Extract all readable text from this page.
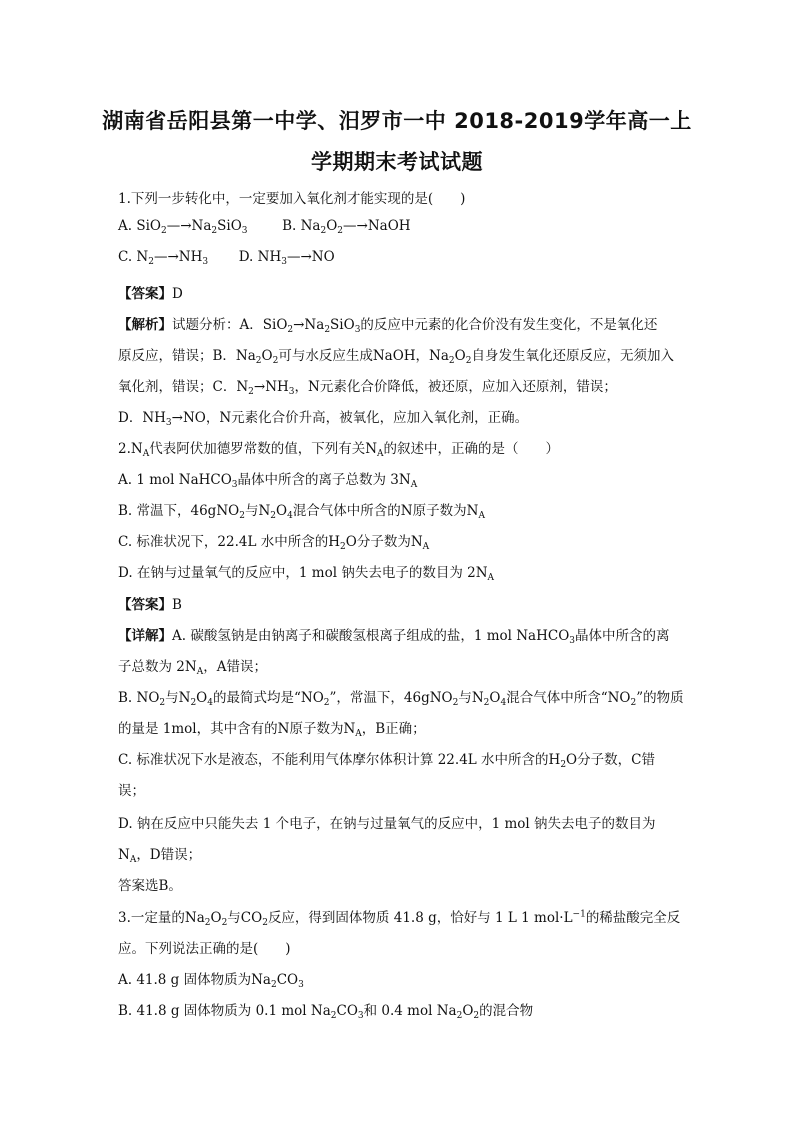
湖南省岳阳县第一中学、汨罗市一中 2018-2019学年高一上
学期期末考试试题
1.下列一步转化中，一定要加入氧化剂才能实现的是(　　)
A. $SiO_2—\to Na_2SiO_3$	B. $Na_2O_2—\to NaOH$
C. $N_2—\to NH_3$ D. $NH_3—\to NO$
【答案】D
【解析】试题分析：A．$SiO_2\to Na_2SiO_3$的反应中元素的化合价没有发生变化，不是氧化还
原反应，错误；B．$Na_2O_2$可与水反应生成NaOH，$Na_2O_2$自身发生氧化还原反应，无须加入
氧化剂，错误；C．$N_2\to NH_3$，N元素化合价降低，被还原，应加入还原剂，错误；
D．$NH_3\to NO$，N元素化合价升高，被氧化，应加入氧化剂，正确。
$2.N_A$代表阿伏加德罗常数的值，下列有关$N_A$的叙述中，正确的是（　　）
A. 1 mol NaHCO$_3$晶体中所含的离子总数为 $3N_A$
B. 常温下，46gNO$_2$与$N_2O_4$混合气体中所含的N原子数为$N_A$
C. 标准状况下，22.4L 水中所含的$H_2O$分子数为$N_A$
D. 在钠与过量氧气的反应中，1 mol 钠失去电子的数目为 $2N_A$
【答案】B
【详解】A. 碳酸氢钠是由钠离子和碳酸氢根离子组成的盐，1 mol NaHCO$_3$晶体中所含的离
子总数为 $2N_A$，A错误；
B. $NO_2$与$N_2O_4$的最简式均是“$NO_2$”，常温下，46gNO$_2$与$N_2O_4$混合气体中所含“$NO_2$”的物质
的量是 1mol，其中含有的N原子数为$N_A$，B正确；
C. 标准状况下水是液态，不能利用气体摩尔体积计算 22.4L 水中所含的$H_2O$分子数，C错
误；
D. 钠在反应中只能失去 1 个电子，在钠与过量氧气的反应中，1 mol 钠失去电子的数目为
$N_A$，D错误；
答案选B。
3.一定量的$Na_2O_2$与$CO_2$反应，得到固体物质 41.8 g，恰好与 1 L 1 $mol\cdot L^{-1}$的稀盐酸完全反
应。下列说法正确的是(　　)
A. 41.8 g 固体物质为$Na_2CO_3$
B. 41.8 g 固体物质为 0.1 mol $Na_2CO_3$和 0.4 mol $Na_2O_2$的混合物
